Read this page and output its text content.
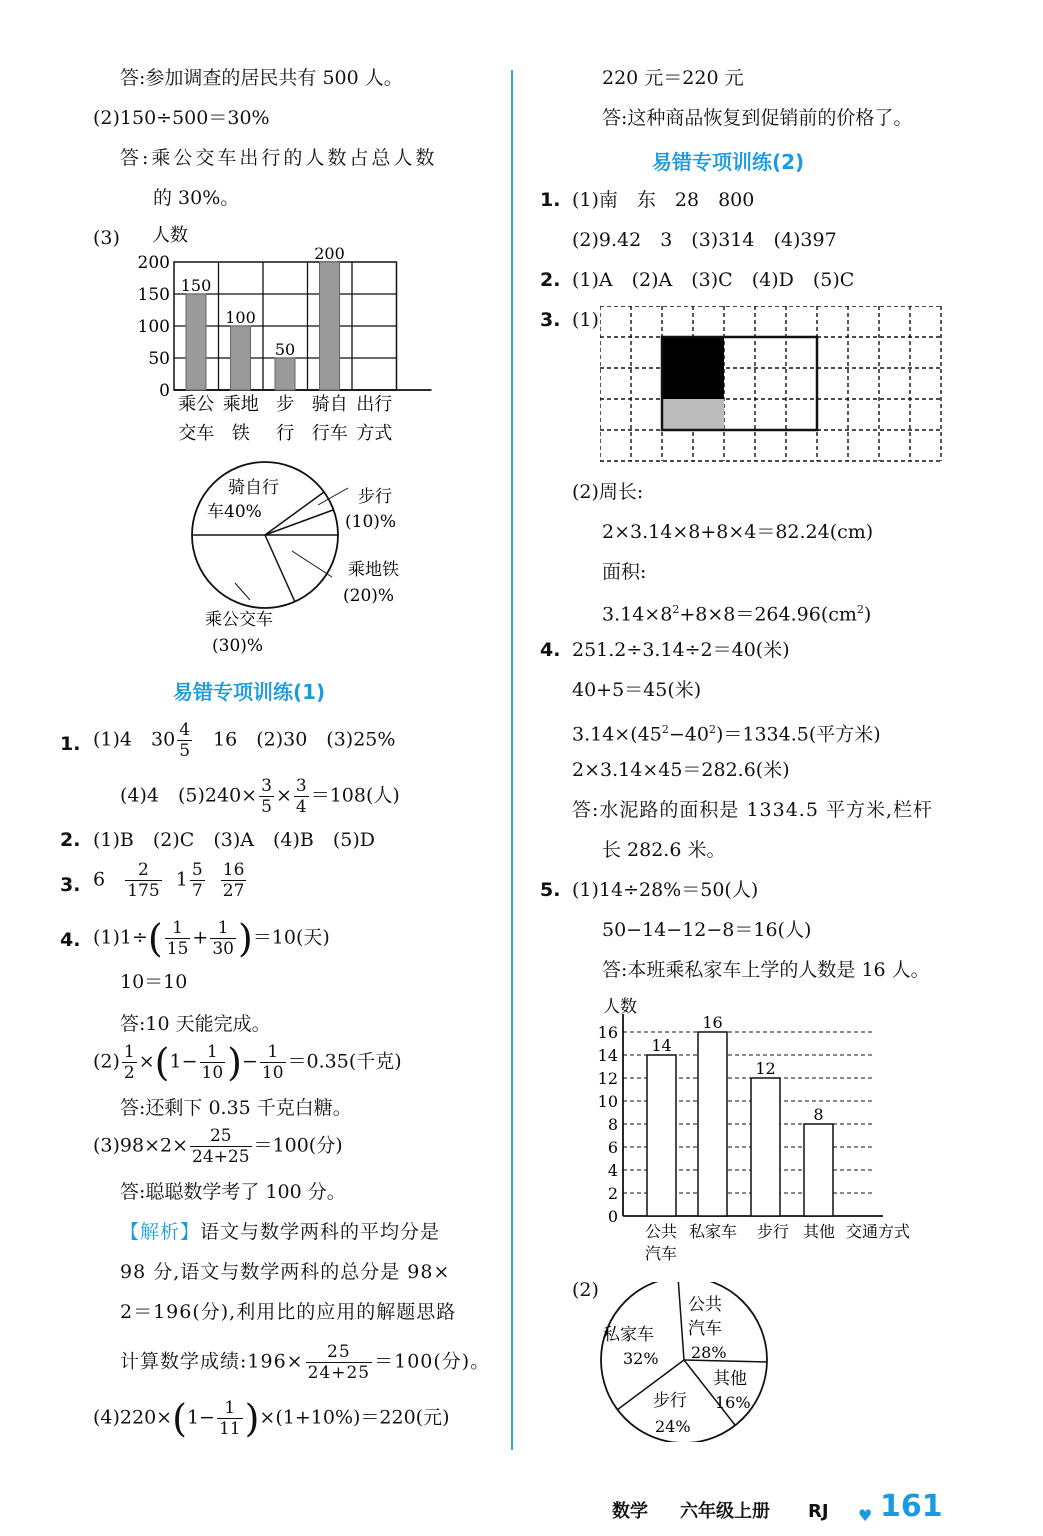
答:参加调查的居民共有 500 人。
(2)150÷500＝30%
答:乘公交车出行的人数占总人数
的 30%。
(3) 人数
150
100
50
200
200
150
100
50
0
乘公
交车
乘地
铁
步
行
骑自
行车
出行
方式
骑自行
车40%
步行
(10)%
乘地铁
(20)%
乘公交车
(30)%
易错专项训练(1)
1. (1)4　$30 \frac{4}{5}$ 　16　(2)30　(3)25%
(4)4　$(5)240\times \frac{3}{5} \times \frac{3}{4} =108$(人)
2. (1)B　(2)C　(3)A　(4)B　(5)D
3. $6 \frac{2}{175} 1 \frac{5}{7}$
$\frac{16}{27}$
4. $(1)1\div( \frac{1}{15} + \frac{1}{30} )=10$(天)
10＝10
答:10 天能完成。
$(2) \frac{1}{2} \times(1- \frac{1}{10}$ )− $\frac{1}{10} =0.35$(千克)
答:还剩下 0.35 千克白糖。
$(3)98\times 2\times \frac{25}{24+25} =100$(分)
答:聪聪数学考了 100 分。
【解析】语文与数学两科的平均分是
98 分,语文与数学两科的总分是 98×
2＝196(分),利用比的应用的解题思路
计算数学成绩:196× $\frac{25}{24+25} =100$(分)。
$(4)220\times(1- \frac{1}{11} )\times(1+10\%)=220$(元)
220 元＝220 元
答:这种商品恢复到促销前的价格了。
易错专项训练(2)
1. (1)南　东　28　800
(2)9.42　3　(3)314　(4)397
2. (1)A　(2)A　(3)C　(4)D　(5)C
3. (1)
(2)周长:
2×3.14×8+8×4＝82.24(cm)
面积:
$3.14\times 8^2+8\times 8=264.96(cm^2)$
4. 251.2÷3.14÷2＝40(米)
40+5＝45(米)
$3.14\times(45^2-40^2)=1334.5$(平方米)
2×3.14×45＝282.6(米)
答:水泥路的面积是 1334.5 平方米,栏杆
长 282.6 米。
5. (1)14÷28%＝50(人)
50−14−12−8＝16(人)
答:本班乘私家车上学的人数是 16 人。
人数
14
16
12
8
16
14
12
10
8
6
4
2
0
公共
汽车
私家车 步行 其他 交通方式
(2)
公共
汽车
28%
私家车
32%
其他
16%
步行
24%
数学 六年级上册 RJ ♥ 161
